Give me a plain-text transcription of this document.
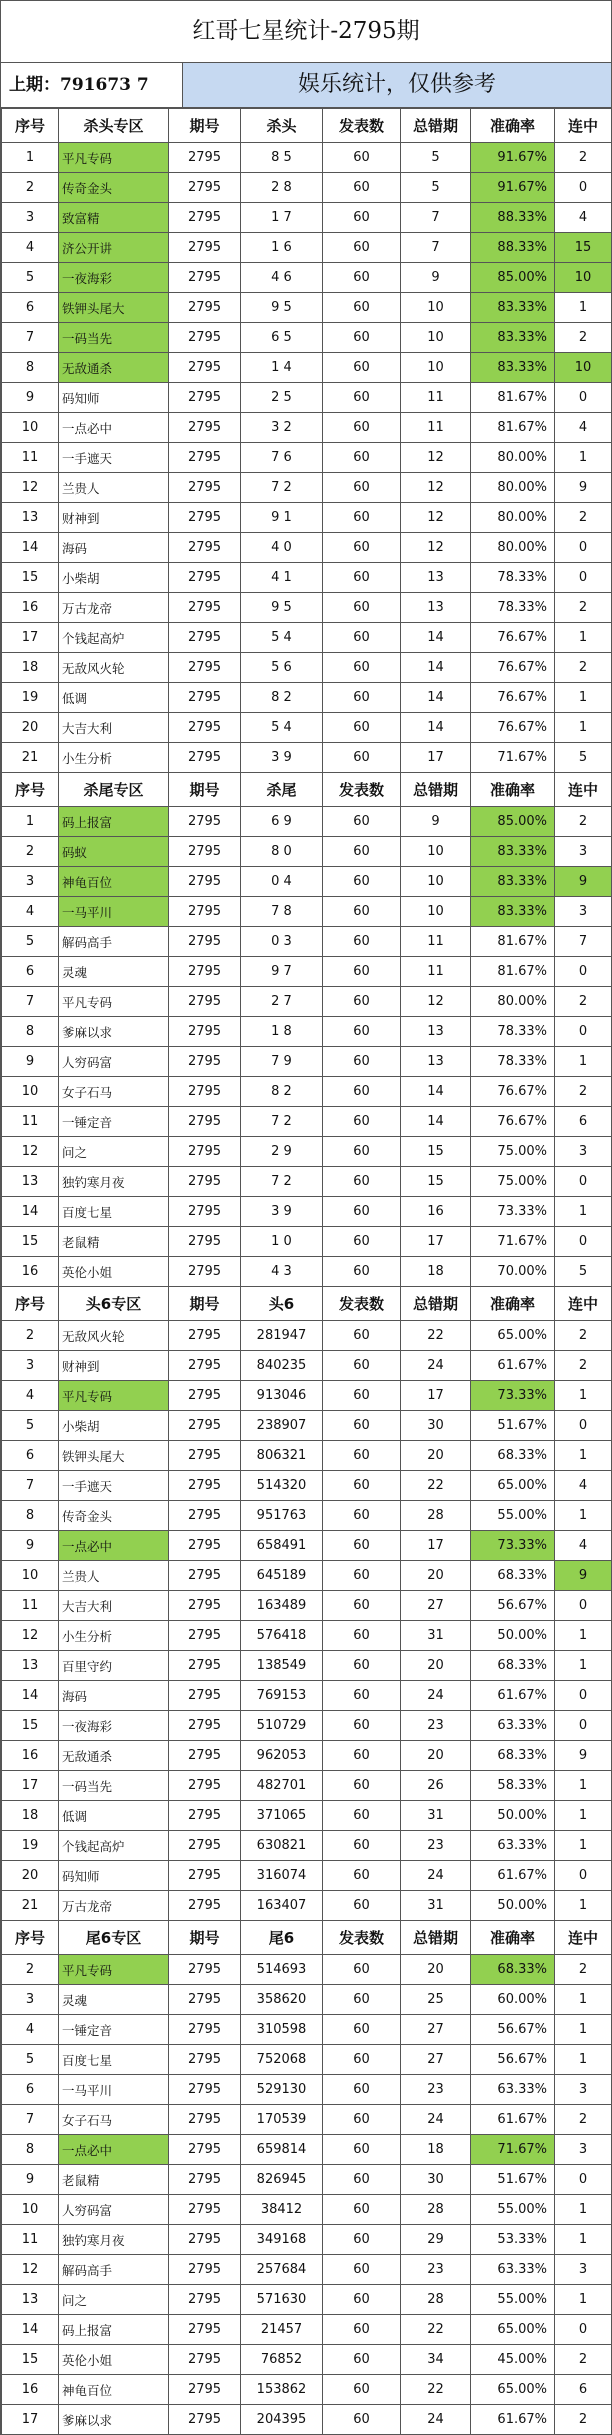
红哥七星统计-2795期
上期：791673 7	娱乐统计，仅供参考
序号	杀头专区	期号	杀头	发表数	总错期	准确率	连中
1	平凡专码	2795	8 5	60	5	91.67%	2
2	传奇金头	2795	2 8	60	5	91.67%	0
3	致富精	2795	1 7	60	7	88.33%	4
4	济公开讲	2795	1 6	60	7	88.33%	15
5	一夜海彩	2795	4 6	60	9	85.00%	10
6	铁钾头尾大	2795	9 5	60	10	83.33%	1
7	一码当先	2795	6 5	60	10	83.33%	2
8	无敌通杀	2795	1 4	60	10	83.33%	10
9	码知师	2795	2 5	60	11	81.67%	0
10	一点必中	2795	3 2	60	11	81.67%	4
11	一手遮天	2795	7 6	60	12	80.00%	1
12	兰贵人	2795	7 2	60	12	80.00%	9
13	财神到	2795	9 1	60	12	80.00%	2
14	海码	2795	4 0	60	12	80.00%	0
15	小柴胡	2795	4 1	60	13	78.33%	0
16	万古龙帝	2795	9 5	60	13	78.33%	2
17	个钱起高炉	2795	5 4	60	14	76.67%	1
18	无敌风火轮	2795	5 6	60	14	76.67%	2
19	低调	2795	8 2	60	14	76.67%	1
20	大吉大利	2795	5 4	60	14	76.67%	1
21	小生分析	2795	3 9	60	17	71.67%	5
序号	杀尾专区	期号	杀尾	发表数	总错期	准确率	连中
1	码上报富	2795	6 9	60	9	85.00%	2
2	码蚁	2795	8 0	60	10	83.33%	3
3	神龟百位	2795	0 4	60	10	83.33%	9
4	一马平川	2795	7 8	60	10	83.33%	3
5	解码高手	2795	0 3	60	11	81.67%	7
6	灵魂	2795	9 7	60	11	81.67%	0
7	平凡专码	2795	2 7	60	12	80.00%	2
8	爹麻以求	2795	1 8	60	13	78.33%	0
9	人穷码富	2795	7 9	60	13	78.33%	1
10	女子石马	2795	8 2	60	14	76.67%	2
11	一锤定音	2795	7 2	60	14	76.67%	6
12	问之	2795	2 9	60	15	75.00%	3
13	独钓寒月夜	2795	7 2	60	15	75.00%	0
14	百度七星	2795	3 9	60	16	73.33%	1
15	老鼠精	2795	1 0	60	17	71.67%	0
16	英伦小姐	2795	4 3	60	18	70.00%	5
序号	头6专区	期号	头6	发表数	总错期	准确率	连中
2	无敌风火轮	2795	281947	60	22	65.00%	2
3	财神到	2795	840235	60	24	61.67%	2
4	平凡专码	2795	913046	60	17	73.33%	1
5	小柴胡	2795	238907	60	30	51.67%	0
6	铁钾头尾大	2795	806321	60	20	68.33%	1
7	一手遮天	2795	514320	60	22	65.00%	4
8	传奇金头	2795	951763	60	28	55.00%	1
9	一点必中	2795	658491	60	17	73.33%	4
10	兰贵人	2795	645189	60	20	68.33%	9
11	大吉大利	2795	163489	60	27	56.67%	0
12	小生分析	2795	576418	60	31	50.00%	1
13	百里守约	2795	138549	60	20	68.33%	1
14	海码	2795	769153	60	24	61.67%	0
15	一夜海彩	2795	510729	60	23	63.33%	0
16	无敌通杀	2795	962053	60	20	68.33%	9
17	一码当先	2795	482701	60	26	58.33%	1
18	低调	2795	371065	60	31	50.00%	1
19	个钱起高炉	2795	630821	60	23	63.33%	1
20	码知师	2795	316074	60	24	61.67%	0
21	万古龙帝	2795	163407	60	31	50.00%	1
序号	尾6专区	期号	尾6	发表数	总错期	准确率	连中
2	平凡专码	2795	514693	60	20	68.33%	2
3	灵魂	2795	358620	60	25	60.00%	1
4	一锤定音	2795	310598	60	27	56.67%	1
5	百度七星	2795	752068	60	27	56.67%	1
6	一马平川	2795	529130	60	23	63.33%	3
7	女子石马	2795	170539	60	24	61.67%	2
8	一点必中	2795	659814	60	18	71.67%	3
9	老鼠精	2795	826945	60	30	51.67%	0
10	人穷码富	2795	38412	60	28	55.00%	1
11	独钓寒月夜	2795	349168	60	29	53.33%	1
12	解码高手	2795	257684	60	23	63.33%	3
13	问之	2795	571630	60	28	55.00%	1
14	码上报富	2795	21457	60	22	65.00%	0
15	英伦小姐	2795	76852	60	34	45.00%	2
16	神龟百位	2795	153862	60	22	65.00%	6
17	爹麻以求	2795	204395	60	24	61.67%	2
